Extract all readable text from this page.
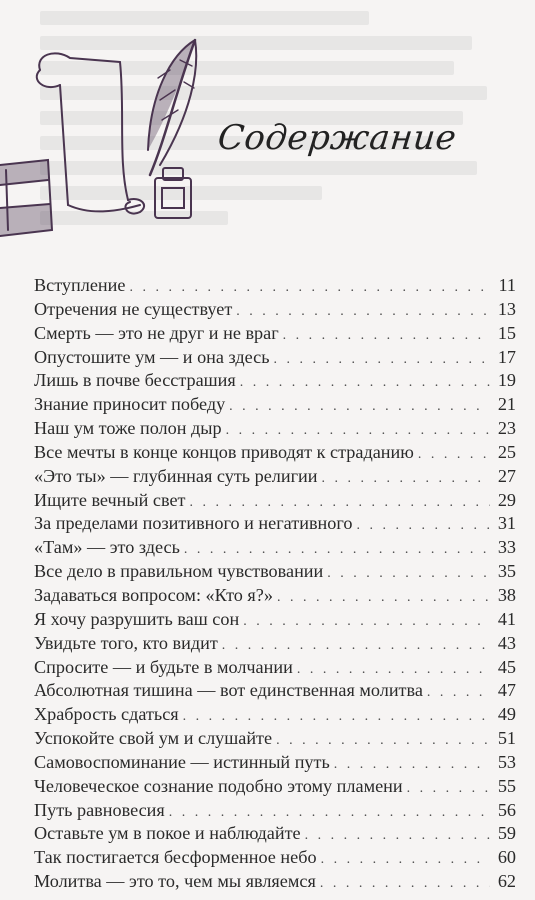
Содержание
Вступление . . .	11
Отречения не существует . . .	13
Смерть — это не друг и не враг . . .	15
Опустошите ум — и она здесь . . .	17
Лишь в почве бесстрашия . . .	19
Знание приносит победу . . .	21
Наш ум тоже полон дыр . . .	23
Все мечты в конце концов приводят к страданию . . .	25
«Это ты» — глубинная суть религии . . .	27
Ищите вечный свет . . .	29
За пределами позитивного и негативного . . .	31
«Там» — это здесь . . .	33
Все дело в правильном чувствовании . . .	35
Задаваться вопросом: «Кто я?» . . .	38
Я хочу разрушить ваш сон . . .	41
Увидьте того, кто видит . . .	43
Спросите — и будьте в молчании . . .	45
Абсолютная тишина — вот единственная молитва . . .	47
Храбрость сдаться . . .	49
Успокойте свой ум и слушайте . . .	51
Самовоспоминание — истинный путь . . .	53
Человеческое сознание подобно этому пламени . . .	55
Путь равновесия . . .	56
Оставьте ум в покое и наблюдайте . . .	59
Так постигается бесформенное небо . . .	60
Молитва — это то, чем мы являемся . . .	62
